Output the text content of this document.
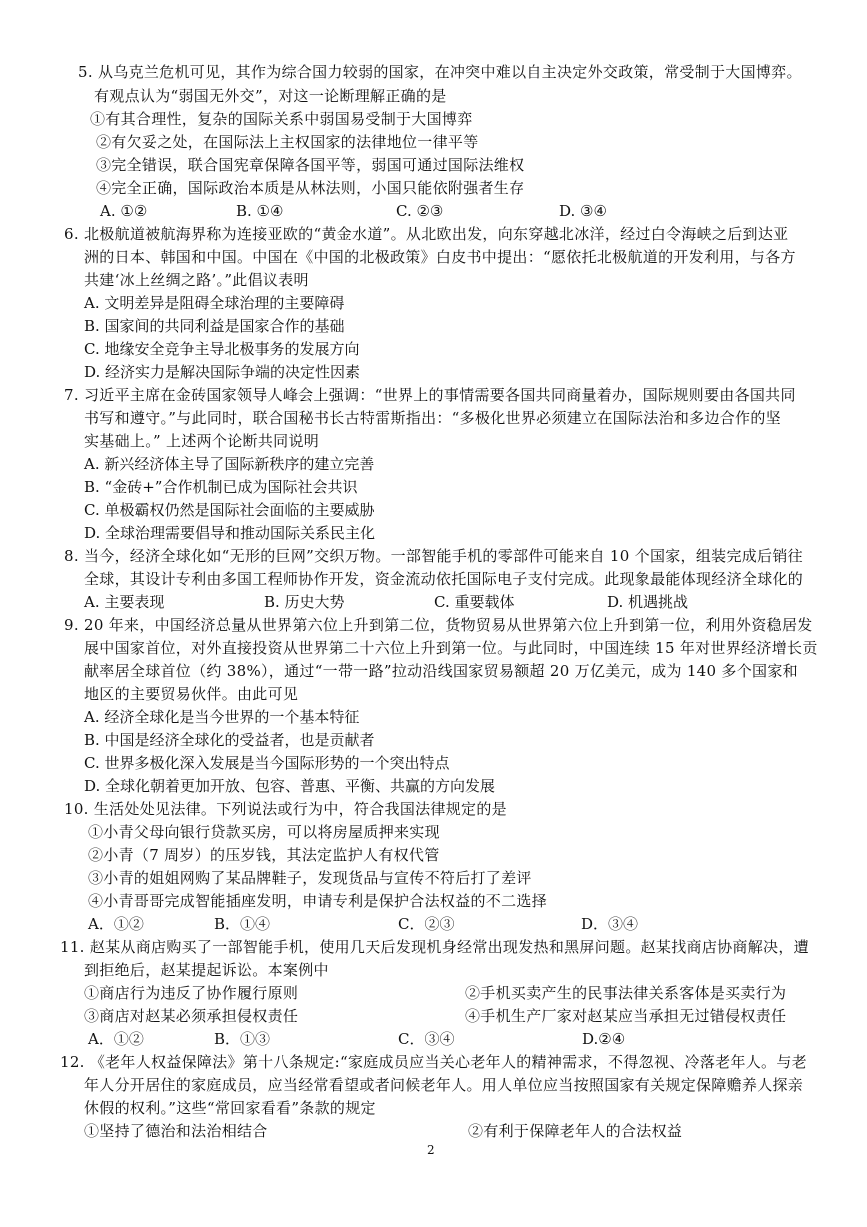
5. 从乌克兰危机可见，其作为综合国力较弱的国家，在冲突中难以自主决定外交政策，常受制于大国博弈。
有观点认为“弱国无外交”，对这一论断理解正确的是
①有其合理性，复杂的国际关系中弱国易受制于大国博弈
②有欠妥之处，在国际法上主权国家的法律地位一律平等
③完全错误，联合国宪章保障各国平等，弱国可通过国际法维权
④完全正确，国际政治本质是从林法则，小国只能依附强者生存
A. ①②	B. ①④	C. ②③	D. ③④
6. 北极航道被航海界称为连接亚欧的“黄金水道”。从北欧出发，向东穿越北冰洋，经过白令海峡之后到达亚
洲的日本、韩国和中国。中国在《中国的北极政策》白皮书中提出：“愿依托北极航道的开发利用，与各方
共建‘冰上丝绸之路’。”此倡议表明
A. 文明差异是阻碍全球治理的主要障碍
B. 国家间的共同利益是国家合作的基础
C. 地缘安全竞争主导北极事务的发展方向
D. 经济实力是解决国际争端的决定性因素
7. 习近平主席在金砖国家领导人峰会上强调：“世界上的事情需要各国共同商量着办，国际规则要由各国共同
书写和遵守。”与此同时，联合国秘书长古特雷斯指出：“多极化世界必须建立在国际法治和多边合作的坚
实基础上。” 上述两个论断共同说明
A. 新兴经济体主导了国际新秩序的建立完善
B. “金砖+”合作机制已成为国际社会共识
C. 单极霸权仍然是国际社会面临的主要威胁
D. 全球治理需要倡导和推动国际关系民主化
8. 当今，经济全球化如“无形的巨网”交织万物。一部智能手机的零部件可能来自 10 个国家，组装完成后销往
全球，其设计专利由多国工程师协作开发，资金流动依托国际电子支付完成。此现象最能体现经济全球化的
A. 主要表现	B. 历史大势	C. 重要载体	D. 机遇挑战
9. 20 年来，中国经济总量从世界第六位上升到第二位，货物贸易从世界第六位上升到第一位，利用外资稳居发
展中国家首位，对外直接投资从世界第二十六位上升到第一位。与此同时，中国连续 15 年对世界经济增长贡
献率居全球首位（约 38%），通过“一带一路”拉动沿线国家贸易额超 20 万亿美元，成为 140 多个国家和
地区的主要贸易伙伴。由此可见
A. 经济全球化是当今世界的一个基本特征
B. 中国是经济全球化的受益者，也是贡献者
C. 世界多极化深入发展是当今国际形势的一个突出特点
D. 全球化朝着更加开放、包容、普惠、平衡、共赢的方向发展
10. 生活处处见法律。下列说法或行为中，符合我国法律规定的是
①小青父母向银行贷款买房，可以将房屋质押来实现
②小青（7 周岁）的压岁钱，其法定监护人有权代管
③小青的姐姐网购了某品牌鞋子，发现货品与宣传不符后打了差评
④小青哥哥完成智能插座发明，申请专利是保护合法权益的不二选择
A．①②	B．①④	C．②③	D．③④
11. 赵某从商店购买了一部智能手机，使用几天后发现机身经常出现发热和黑屏问题。赵某找商店协商解决，遭
到拒绝后，赵某提起诉讼。本案例中
①商店行为违反了协作履行原则	②手机买卖产生的民事法律关系客体是买卖行为
③商店对赵某必须承担侵权责任	④手机生产厂家对赵某应当承担无过错侵权责任
A．①②	B．①③	C．③④	D.②④
12. 《老年人权益保障法》第十八条规定:“家庭成员应当关心老年人的精神需求，不得忽视、冷落老年人。与老
年人分开居住的家庭成员，应当经常看望或者问候老年人。用人单位应当按照国家有关规定保障赡养人探亲
休假的权利。”这些“常回家看看”条款的规定
①坚持了德治和法治相结合	②有利于保障老年人的合法权益
2
